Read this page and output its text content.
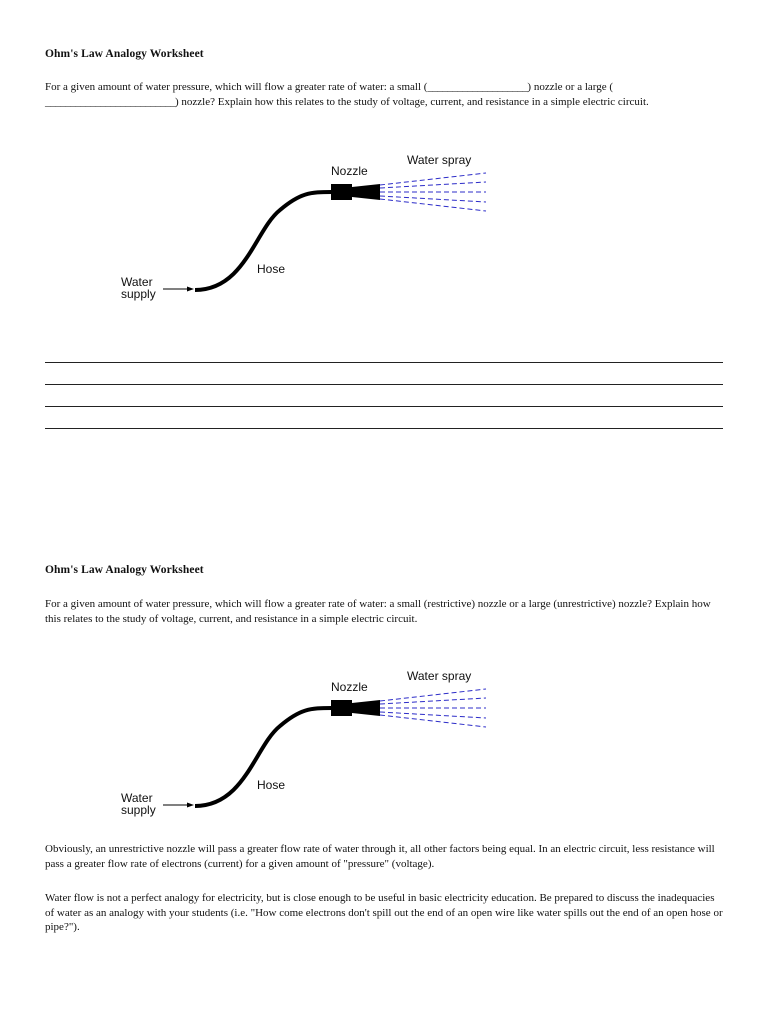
Ohm's Law Analogy Worksheet
For a given amount of water pressure, which will flow a greater rate of water: a small (____________________) nozzle or a large (
__________________________) nozzle? Explain how this relates to the study of voltage, current, and resistance in a simple electric circuit.
Nozzle
Water spray
Hose
Water
supply
Ohm's Law Analogy Worksheet
For a given amount of water pressure, which will flow a greater rate of water: a small (restrictive) nozzle or a large (unrestrictive) nozzle? Explain how this relates to the study of voltage, current, and resistance in a simple electric circuit.
Nozzle
Water spray
Hose
Water
supply
Obviously, an unrestrictive nozzle will pass a greater flow rate of water through it, all other factors being equal. In an electric circuit, less resistance will pass a greater flow rate of electrons (current) for a given amount of "pressure" (voltage).
Water flow is not a perfect analogy for electricity, but is close enough to be useful in basic electricity education. Be prepared to discuss the inadequacies of water as an analogy with your students (i.e. "How come electrons don't spill out the end of an open wire like water spills out the end of an open hose or pipe?").
